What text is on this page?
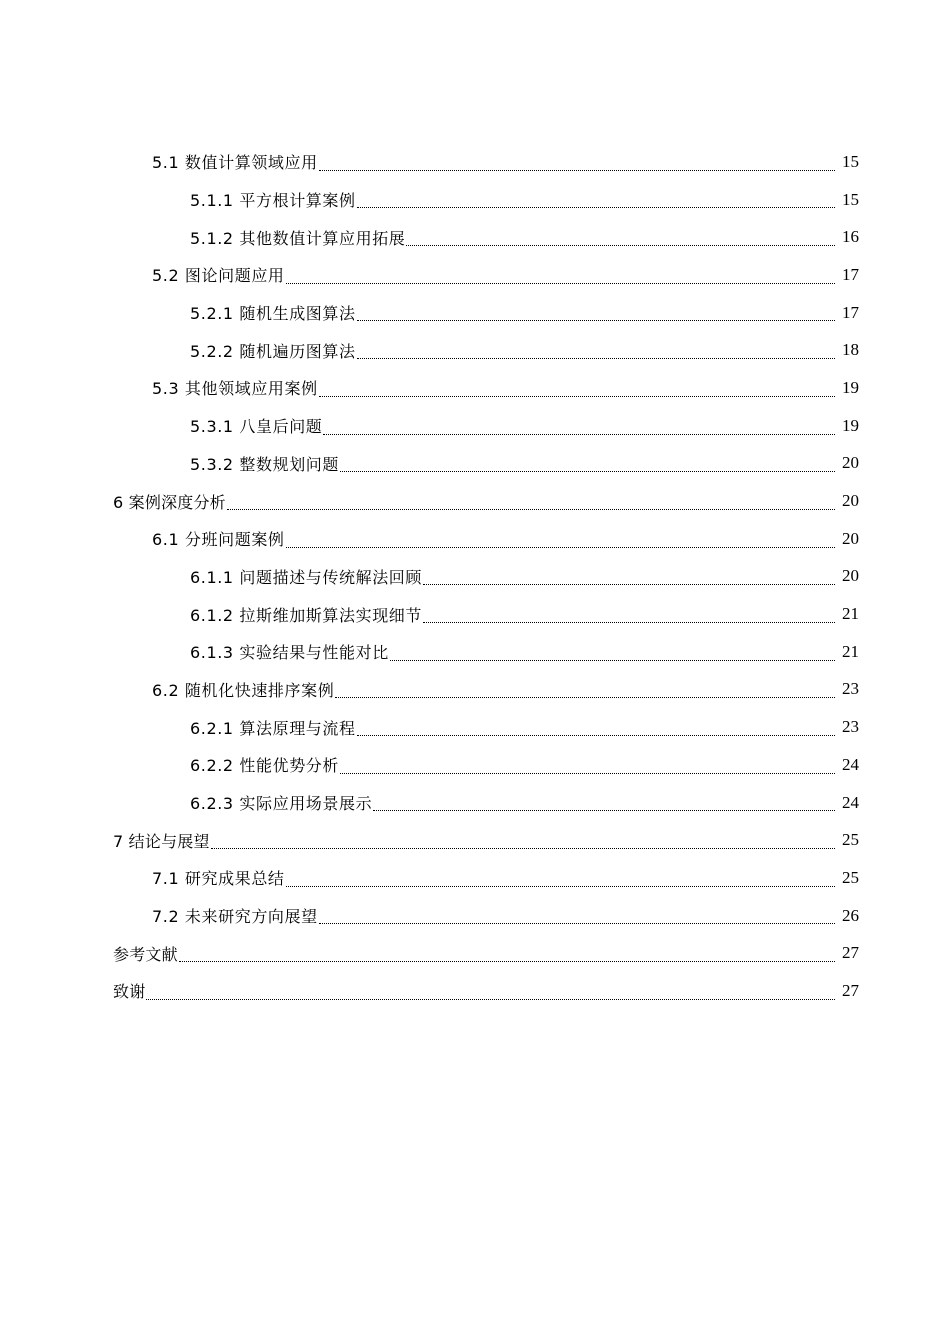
5.1 数值计算领域应用	15
5.1.1 平方根计算案例	15
5.1.2 其他数值计算应用拓展	16
5.2 图论问题应用	17
5.2.1 随机生成图算法	17
5.2.2 随机遍历图算法	18
5.3 其他领域应用案例	19
5.3.1 八皇后问题	19
5.3.2 整数规划问题	20
6 案例深度分析	20
6.1 分班问题案例	20
6.1.1 问题描述与传统解法回顾	20
6.1.2 拉斯维加斯算法实现细节	21
6.1.3 实验结果与性能对比	21
6.2 随机化快速排序案例	23
6.2.1 算法原理与流程	23
6.2.2 性能优势分析	24
6.2.3 实际应用场景展示	24
7 结论与展望	25
7.1 研究成果总结	25
7.2 未来研究方向展望	26
参考文献	27
致谢	27
